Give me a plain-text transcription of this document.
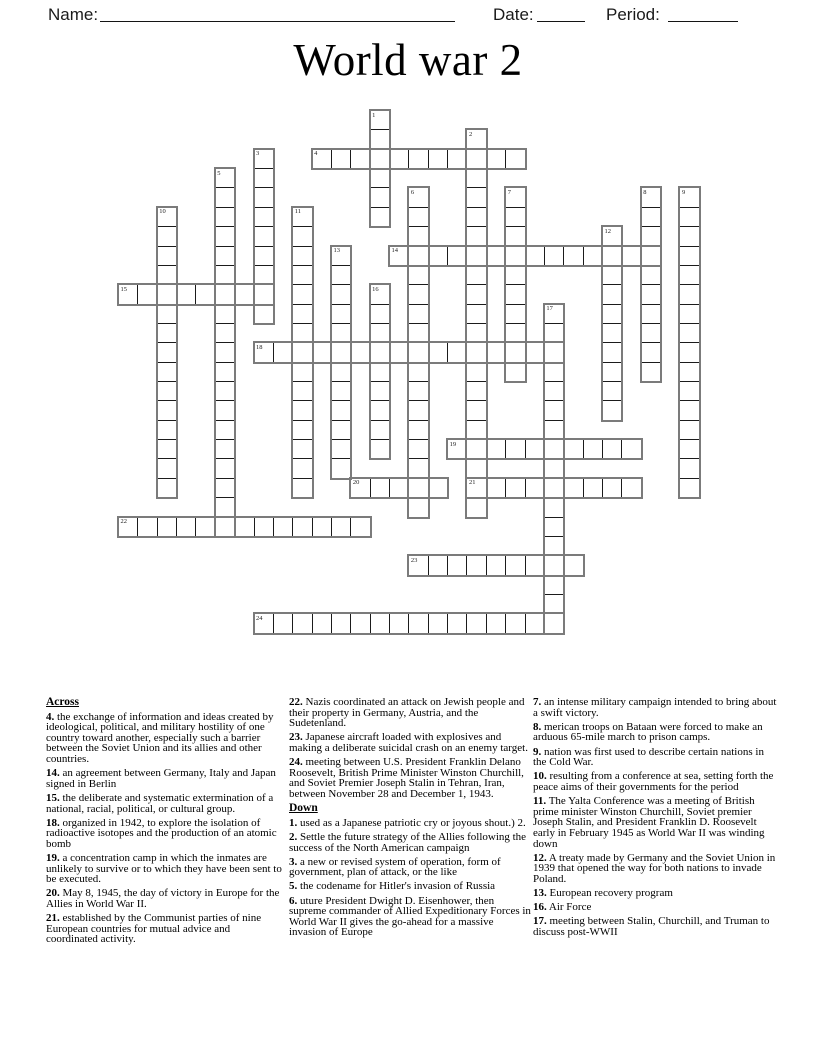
Name:	Date:	Period:
World war 2
1
2
21
3	4
5
6	7	8	9
10	11
12
13	14
15	16
17
18
19
20
22
23
24
Across
4. the exchange of information and ideas created by ideological, political, and military hostility of one country toward another, especially such a barrier between the Soviet Union and its allies and other countries.
14. an agreement between Germany, Italy and Japan signed in Berlin
15. the deliberate and systematic extermination of a national, racial, political, or cultural group.
18. organized in 1942, to explore the isolation of radioactive isotopes and the production of an atomic bomb
19. a concentration camp in which the inmates are unlikely to survive or to which they have been sent to be executed.
20. May 8, 1945, the day of victory in Europe for the Allies in World War II.
21. established by the Communist parties of nine European countries for mutual advice and coordinated activity.
22. Nazis coordinated an attack on Jewish people and their property in Germany, Austria, and the Sudetenland.
23. Japanese aircraft loaded with explosives and making a deliberate suicidal crash on an enemy target.
24. meeting between U.S. President Franklin Delano Roosevelt, British Prime Minister Winston Churchill, and Soviet Premier Joseph Stalin in Tehran, Iran, between November 28 and December 1, 1943.
Down
1. used as a Japanese patriotic cry or joyous shout.) 2.
2. Settle the future strategy of the Allies following the success of the North American campaign
3. a new or revised system of operation, form of government, plan of attack, or the like
5. the codename for Hitler's invasion of Russia
6. uture President Dwight D. Eisenhower, then supreme commander of Allied Expeditionary Forces in World War II gives the go-ahead for a massive invasion of Europe
7. an intense military campaign intended to bring about a swift victory.
8. merican troops on Bataan were forced to make an arduous 65-mile march to prison camps.
9. nation was first used to describe certain nations in the Cold War.
10. resulting from a conference at sea, setting forth the peace aims of their governments for the period
11. The Yalta Conference was a meeting of British prime minister Winston Churchill, Soviet premier Joseph Stalin, and President Franklin D. Roosevelt early in February 1945 as World War II was winding down
12. A treaty made by Germany and the Soviet Union in 1939 that opened the way for both nations to invade Poland.
13. European recovery program
16. Air Force
17. meeting between Stalin, Churchill, and Truman to discuss post-WWII
